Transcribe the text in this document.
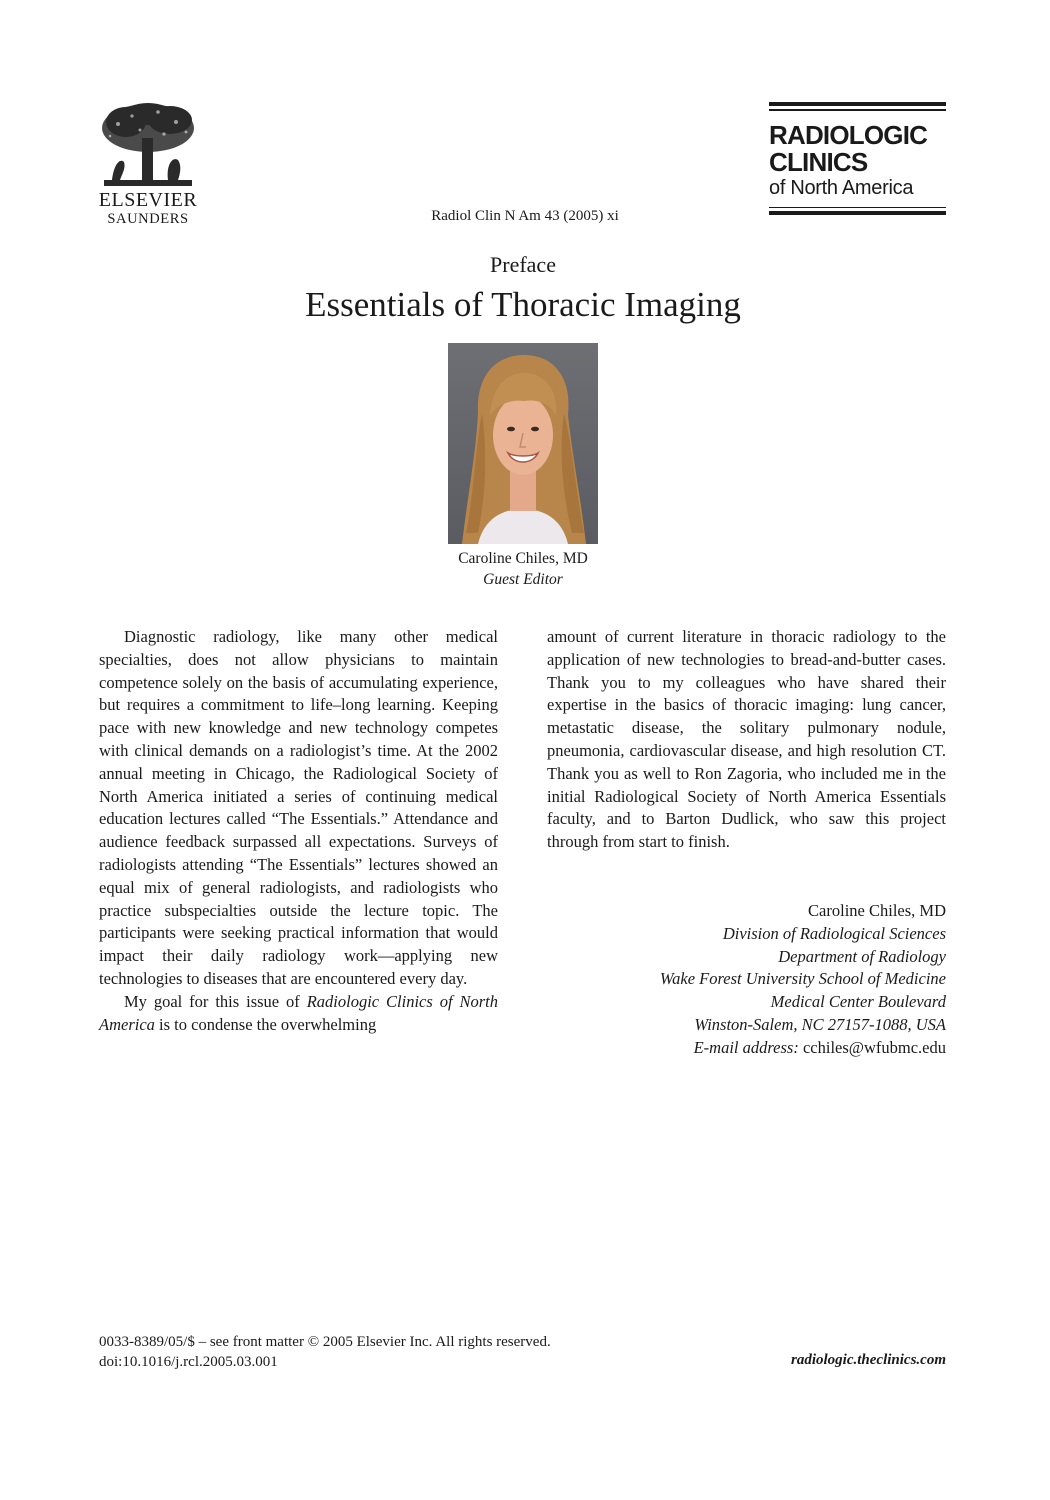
ELSEVIER
SAUNDERS
RADIOLOGIC
CLINICS
of North America
Radiol Clin N Am 43 (2005) xi
Preface
Essentials of Thoracic Imaging
Caroline Chiles, MD
Guest Editor

Diagnostic radiology, like many other medical specialties, does not allow physicians to maintain competence solely on the basis of accumulating experience, but requires a commitment to life–long learning. Keeping pace with new knowledge and new technology competes with clinical demands on a radiologist’s time. At the 2002 annual meeting in Chicago, the Radiological Society of North America initiated a series of continuing medical education lectures called “The Essentials.” Attendance and audience feedback surpassed all expectations. Surveys of radiologists attending “The Essentials” lectures showed an equal mix of general radiologists, and radiologists who practice subspecialties outside the lecture topic. The participants were seeking practical information that would impact their daily radiology work—applying new technologies to diseases that are encountered every day.

My goal for this issue of Radiologic Clinics of North America is to condense the overwhelming

amount of current literature in thoracic radiology to the application of new technologies to bread-and-butter cases. Thank you to my colleagues who have shared their expertise in the basics of thoracic imaging: lung cancer, metastatic disease, the solitary pulmonary nodule, pneumonia, cardiovascular disease, and high resolution CT. Thank you as well to Ron Zagoria, who included me in the initial Radiological Society of North America Essentials faculty, and to Barton Dudlick, who saw this project through from start to finish.

Caroline Chiles, MD
Division of Radiological Sciences
Department of Radiology
Wake Forest University School of Medicine
Medical Center Boulevard
Winston-Salem, NC 27157-1088, USA
E-mail address: cchiles@wfubmc.edu
0033-8389/05/$ – see front matter © 2005 Elsevier Inc. All rights reserved.
doi:10.1016/j.rcl.2005.03.001	radiologic.theclinics.com
